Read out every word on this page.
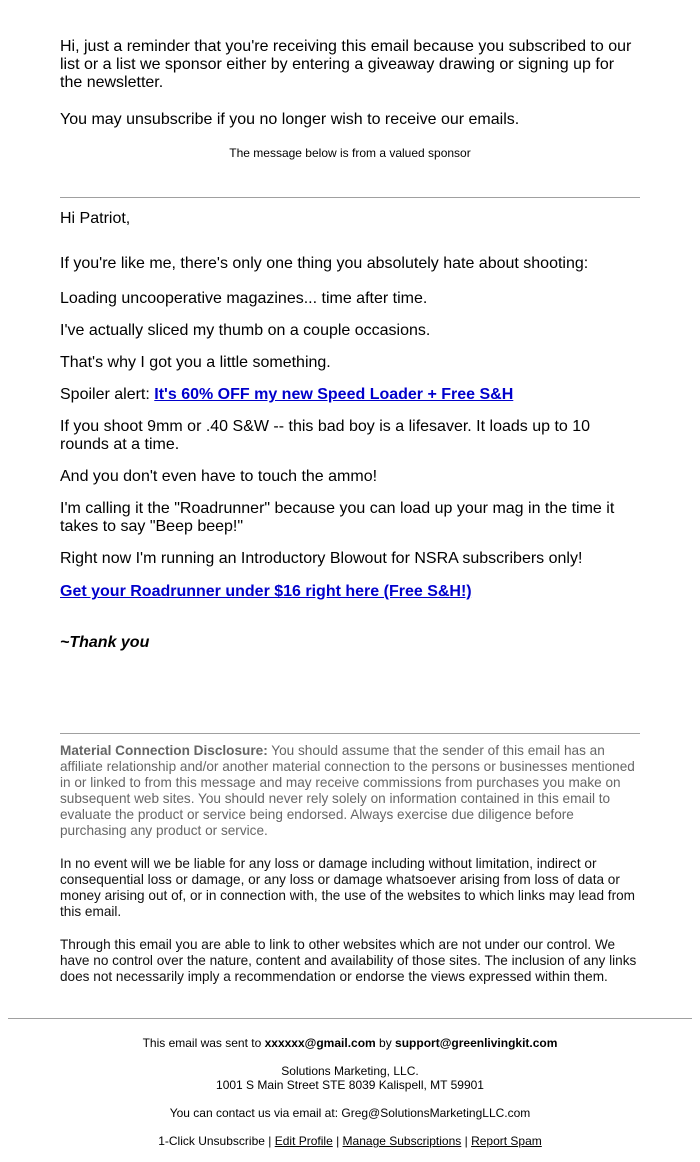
Hi, just a reminder that you're receiving this email because you subscribed to our list or a list we sponsor either by entering a giveaway drawing or signing up for the newsletter.

You may unsubscribe if you no longer wish to receive our emails.

The message below is from a valued sponsor

Hi Patriot,

If you're like me, there's only one thing you absolutely hate about shooting:

Loading uncooperative magazines... time after time.

I've actually sliced my thumb on a couple occasions.

That's why I got you a little something.

Spoiler alert: It's 60% OFF my new Speed Loader + Free S&H

If you shoot 9mm or .40 S&W -- this bad boy is a lifesaver. It loads up to 10 rounds at a time.

And you don't even have to touch the ammo!

I'm calling it the "Roadrunner" because you can load up your mag in the time it takes to say "Beep beep!"

Right now I'm running an Introductory Blowout for NSRA subscribers only!

Get your Roadrunner under $16 right here (Free S&H!)

~Thank you

Material Connection Disclosure: You should assume that the sender of this email has an affiliate relationship and/or another material connection to the persons or businesses mentioned in or linked to from this message and may receive commissions from purchases you make on subsequent web sites. You should never rely solely on information contained in this email to evaluate the product or service being endorsed. Always exercise due diligence before purchasing any product or service.

In no event will we be liable for any loss or damage including without limitation, indirect or consequential loss or damage, or any loss or damage whatsoever arising from loss of data or money arising out of, or in connection with, the use of the websites to which links may lead from this email.

Through this email you are able to link to other websites which are not under our control. We have no control over the nature, content and availability of those sites. The inclusion of any links does not necessarily imply a recommendation or endorse the views expressed within them.

This email was sent to xxxxxx@gmail.com by support@greenlivingkit.com

Solutions Marketing, LLC.

1001 S Main Street STE 8039 Kalispell, MT 59901

You can contact us via email at: Greg@SolutionsMarketingLLC.com

1-Click Unsubscribe | Edit Profile | Manage Subscriptions | Report Spam
